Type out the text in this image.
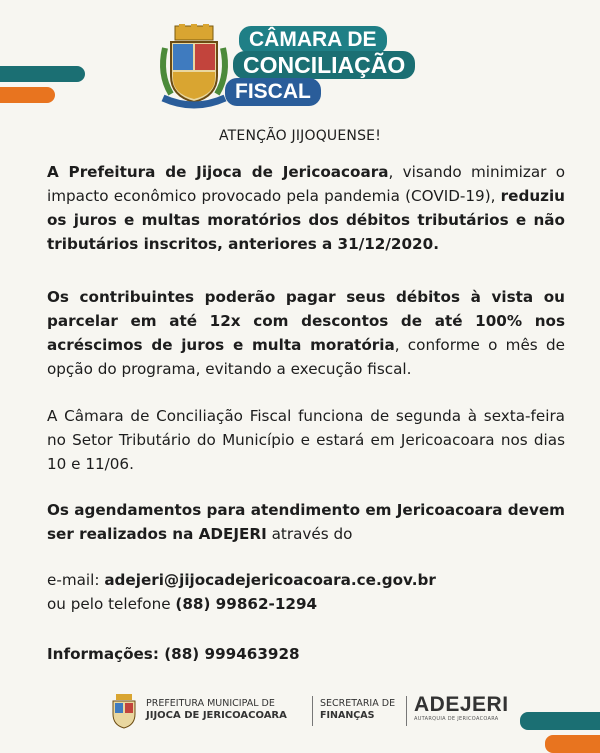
CÂMARA DE
CONCILIAÇÃO
FISCAL
ATENÇÃO JIJOQUENSE!
A Prefeitura de Jijoca de Jericoacoara, visando minimizar o impacto econômico provocado pela pandemia (COVID-19), reduziu os juros e multas moratórios dos débitos tributários e não tributários inscritos, anteriores a 31/12/2020.
Os contribuintes poderão pagar seus débitos à vista ou parcelar em até 12x com descontos de até 100% nos acréscimos de juros e multa moratória, conforme o mês de opção do programa, evitando a execução fiscal.
A Câmara de Conciliação Fiscal funciona de segunda à sexta-feira no Setor Tributário do Município e estará em Jericoacoara nos dias 10 e 11/06.
Os agendamentos para atendimento em Jericoacoara devem ser realizados na ADEJERI através do
e-mail: adejeri@jijocadejericoacoara.ce.gov.br
ou pelo telefone (88) 99862-1294
Informações: (88) 999463928
PREFEITURA MUNICIPAL DE
JIJOCA DE JERICOACOARA
SECRETARIA DE
FINANÇAS	ADEJERI
AUTARQUIA DE JERICOACOARA
